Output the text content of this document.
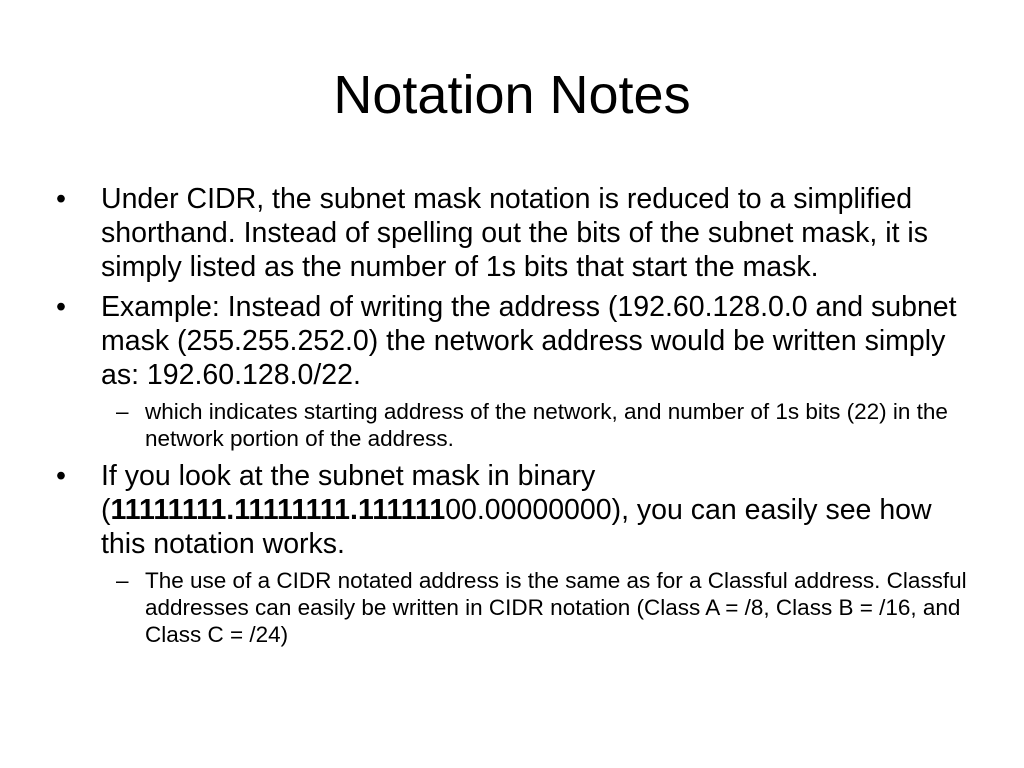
Notation Notes
• Under CIDR, the subnet mask notation is reduced to a simplified shorthand. Instead of spelling out the bits of the subnet mask, it is simply listed as the number of 1s bits that start the mask.
• Example: Instead of writing the address (192.60.128.0.0 and subnet mask (255.255.252.0) the network address would be written simply as: 192.60.128.0/22.
– which indicates starting address of the network, and number of 1s bits (22) in the network portion of the address.
• If you look at the subnet mask in binary (11111111.11111111.11111100.00000000), you can easily see how this notation works.
– The use of a CIDR notated address is the same as for a Classful address. Classful addresses can easily be written in CIDR notation (Class A = /8, Class B = /16, and Class C = /24)
